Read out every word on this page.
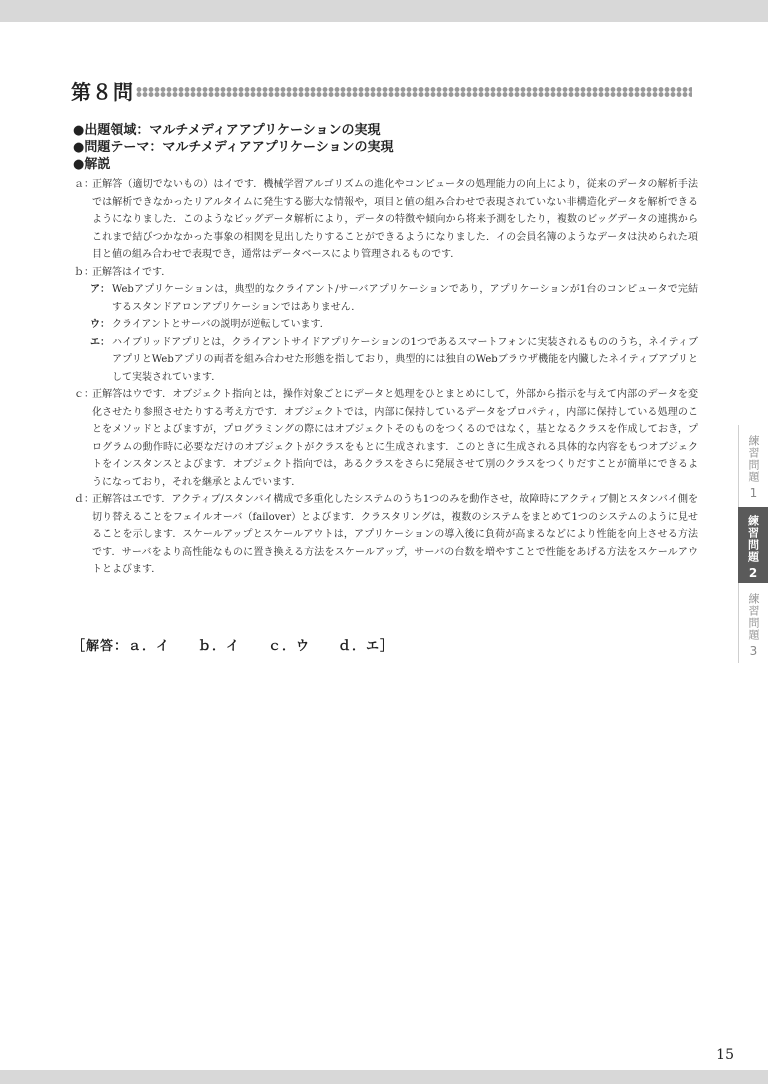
第８問
●出題領域：マルチメディアアプリケーションの実現
●問題テーマ：マルチメディアアプリケーションの実現
●解説
ａ：
正解答（適切でないもの）はイです．機械学習アルゴリズムの進化やコンピュータの処理能力の向上により，従来のデータの解析手法では解析できなかったリアルタイムに発生する膨大な情報や，項目と値の組み合わせで表現されていない非構造化データを解析できるようになりました．このようなビッグデータ解析により，データの特徴や傾向から将来予測をしたり，複数のビッグデータの連携からこれまで結びつかなかった事象の相関を見出したりすることができるようになりました．イの会員名簿のようなデータは決められた項目と値の組み合わせで表現でき，通常はデータベースにより管理されるものです．
ｂ：
正解答はイです．
ア： Webアプリケーションは，典型的なクライアント/サーバアプリケーションであり，アプリケーションが1台のコンピュータで完結するスタンドアロンアプリケーションではありません．
ウ： クライアントとサーバの説明が逆転しています．
エ： ハイブリッドアプリとは，クライアントサイドアプリケーションの1つであるスマートフォンに実装されるもののうち，ネイティブアプリとWebアプリの両者を組み合わせた形態を指しており，典型的には独自のWebブラウザ機能を内臓したネイティブアプリとして実装されています．
ｃ：
正解答はウです．オブジェクト指向とは，操作対象ごとにデータと処理をひとまとめにして，外部から指示を与えて内部のデータを変化させたり参照させたりする考え方です．オブジェクトでは，内部に保持しているデータをプロパティ，内部に保持している処理のことをメソッドとよびますが，プログラミングの際にはオブジェクトそのものをつくるのではなく，基となるクラスを作成しておき，プログラムの動作時に必要なだけのオブジェクトがクラスをもとに生成されます．このときに生成される具体的な内容をもつオブジェクトをインスタンスとよびます．オブジェクト指向では，あるクラスをさらに発展させて別のクラスをつくりだすことが簡単にできるようになっており，それを継承とよんでいます．
ｄ：
正解答はエです．アクティブ/スタンバイ構成で多重化したシステムのうち1つのみを動作させ，故障時にアクティブ側とスタンバイ側を切り替えることをフェイルオーバ（failover）とよびます．クラスタリングは，複数のシステムをまとめて1つのシステムのように見せることを示します．スケールアップとスケールアウトは，アプリケーションの導入後に負荷が高まるなどにより性能を向上させる方法です．サーバをより高性能なものに置き換える方法をスケールアップ，サーバの台数を増やすことで性能をあげる方法をスケールアウトとよびます．
［解答：ａ．イ　　ｂ．イ　　ｃ．ウ　　ｄ．エ］
練習問題
1
練習問題
2
練習問題
3
15
